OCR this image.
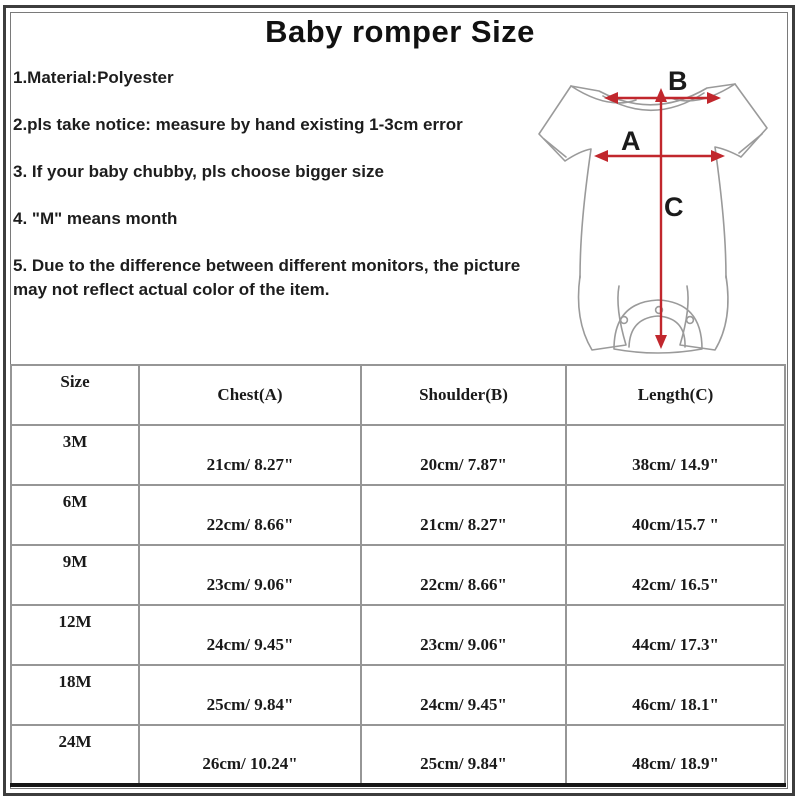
Baby romper Size

1.Material:Polyester

2.pls take notice: measure by hand existing 1-3cm error

3. If your baby chubby, pls choose bigger size

4. "M" means month

5. Due to the difference between different monitors, the picture may not reflect actual color of the item.

A
B
C
Size	Chest(A)	Shoulder(B)	Length(C)
3M	21cm/ 8.27"	20cm/ 7.87"	38cm/ 14.9"
6M	22cm/ 8.66"	21cm/ 8.27"	40cm/15.7 "
9M	23cm/ 9.06"	22cm/ 8.66"	42cm/ 16.5"
12M	24cm/ 9.45"	23cm/ 9.06"	44cm/ 17.3"
18M	25cm/ 9.84"	24cm/ 9.45"	46cm/ 18.1"
24M	26cm/ 10.24"	25cm/ 9.84"	48cm/ 18.9"
